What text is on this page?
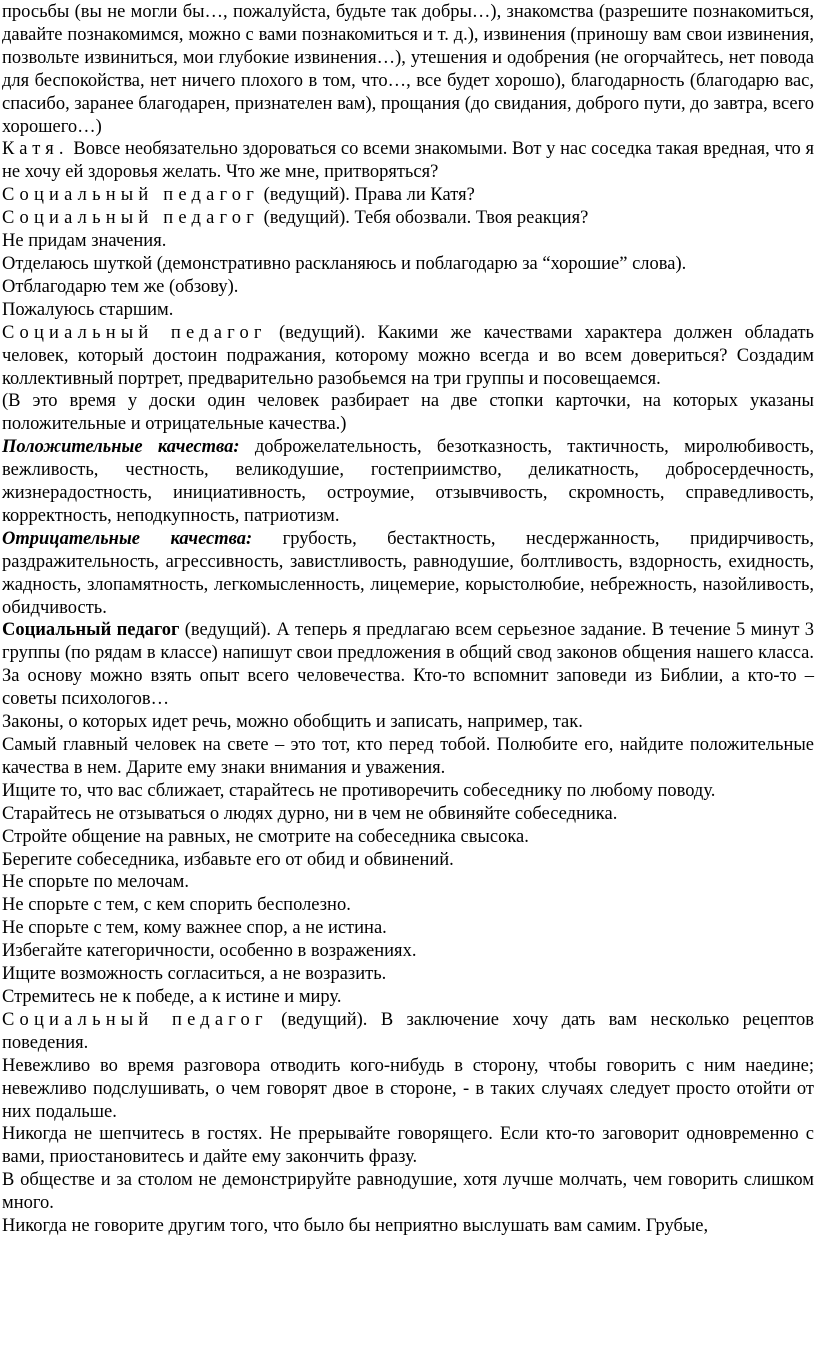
просьбы (вы не могли бы…, пожалуйста, будьте так добры…), знакомства (разрешите познакомиться, давайте познакомимся, можно с вами познакомиться и т. д.), извинения (приношу вам свои извинения, позвольте извиниться, мои глубокие извинения…), утешения и одобрения (не огорчайтесь, нет повода для беспокойства, нет ничего плохого в том, что…, все будет хорошо), благодарность (благодарю вас, спасибо, заранее благодарен, признателен вам), прощания (до свидания, доброго пути, до завтра, всего хорошего…)

Катя. Вовсе необязательно здороваться со всеми знакомыми. Вот у нас соседка такая вредная, что я не хочу ей здоровья желать. Что же мне, притворяться?

Социальный педагог (ведущий). Права ли Катя?

Социальный педагог (ведущий). Тебя обозвали. Твоя реакция?

Не придам значения.

Отделаюсь шуткой (демонстративно раскланяюсь и поблагодарю за “хорошие” слова).

Отблагодарю тем же (обзову).

Пожалуюсь старшим.

Социальный педагог (ведущий). Какими же качествами характера должен обладать человек, который достоин подражания, которому можно всегда и во всем довериться? Создадим коллективный портрет, предварительно разобьемся на три группы и посовещаемся.

(В это время у доски один человек разбирает на две стопки карточки, на которых указаны положительные и отрицательные качества.)

Положительные качества: доброжелательность, безотказность, тактичность, миролюбивость, вежливость, честность, великодушие, гостеприимство, деликатность, добросердечность, жизнерадостность, инициативность, остроумие, отзывчивость, скромность, справедливость, корректность, неподкупность, патриотизм.

Отрицательные качества: грубость, бестактность, несдержанность, придирчивость, раздражительность, агрессивность, завистливость, равнодушие, болтливость, вздорность, ехидность, жадность, злопамятность, легкомысленность, лицемерие, корыстолюбие, небрежность, назойливость, обидчивость.

Социальный педагог (ведущий). А теперь я предлагаю всем серьезное задание. В течение 5 минут 3 группы (по рядам в классе) напишут свои предложения в общий свод законов общения нашего класса. За основу можно взять опыт всего человечества. Кто-то вспомнит заповеди из Библии, а кто-то – советы психологов…

Законы, о которых идет речь, можно обобщить и записать, например, так.

Самый главный человек на свете – это тот, кто перед тобой. Полюбите его, найдите положительные качества в нем. Дарите ему знаки внимания и уважения.

Ищите то, что вас сближает, старайтесь не противоречить собеседнику по любому поводу.

Старайтесь не отзываться о людях дурно, ни в чем не обвиняйте собеседника.

Стройте общение на равных, не смотрите на собеседника свысока.

Берегите собеседника, избавьте его от обид и обвинений.

Не спорьте по мелочам.

Не спорьте с тем, с кем спорить бесполезно.

Не спорьте с тем, кому важнее спор, а не истина.

Избегайте категоричности, особенно в возражениях.

Ищите возможность согласиться, а не возразить.

Стремитесь не к победе, а к истине и миру.

Социальный педагог (ведущий). В заключение хочу дать вам несколько рецептов поведения.

Невежливо во время разговора отводить кого-нибудь в сторону, чтобы говорить с ним наедине; невежливо подслушивать, о чем говорят двое в стороне, - в таких случаях следует просто отойти от них подальше.

Никогда не шепчитесь в гостях. Не прерывайте говорящего. Если кто-то заговорит одновременно с вами, приостановитесь и дайте ему закончить фразу.

В обществе и за столом не демонстрируйте равнодушие, хотя лучше молчать, чем говорить слишком много.

Никогда не говорите другим того, что было бы неприятно выслушать вам самим. Грубые,
